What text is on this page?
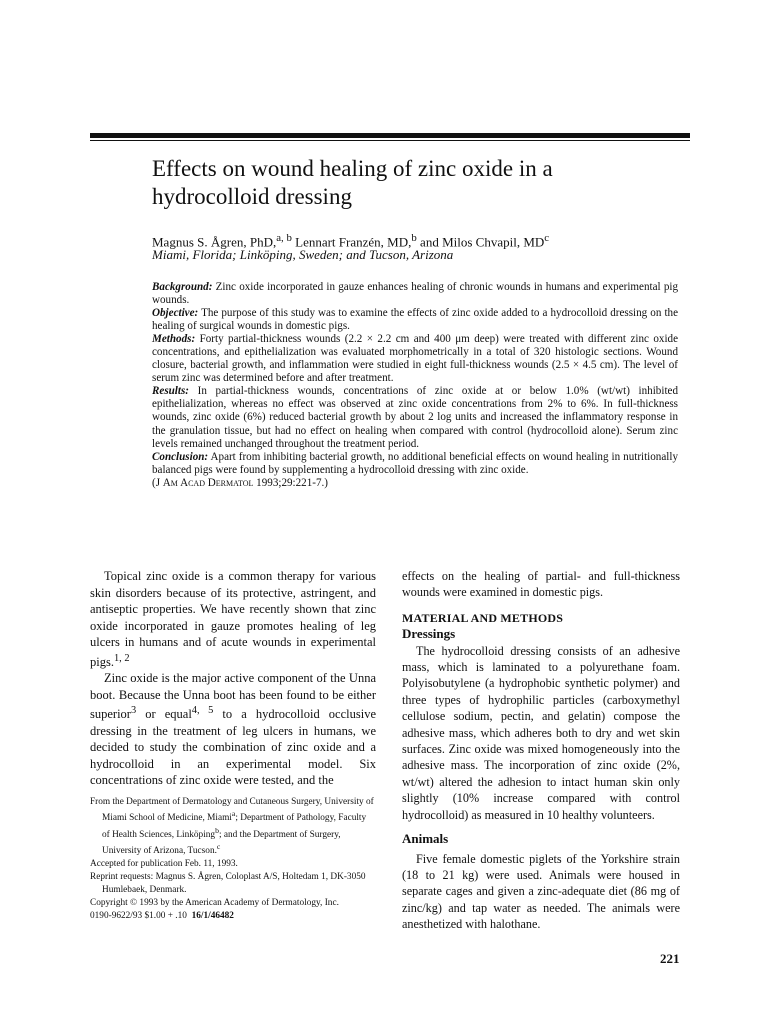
Effects on wound healing of zinc oxide in a hydrocolloid dressing
Magnus S. Ågren, PhD,$^{a, b}$ Lennart Franzén, MD,$^b$ and Milos Chvapil, $MD^c$
Miami, Florida; Linköping, Sweden; and Tucson, Arizona

Background: Zinc oxide incorporated in gauze enhances healing of chronic wounds in humans and experimental pig wounds.

Objective: The purpose of this study was to examine the effects of zinc oxide added to a hydrocolloid dressing on the healing of surgical wounds in domestic pigs.

Methods: Forty partial-thickness wounds (2.2 × 2.2 cm and 400 μm deep) were treated with different zinc oxide concentrations, and epithelialization was evaluated morphometrically in a total of 320 histologic sections. Wound closure, bacterial growth, and inflammation were studied in eight full-thickness wounds (2.5 × 4.5 cm). The level of serum zinc was determined before and after treatment.

Results: In partial-thickness wounds, concentrations of zinc oxide at or below 1.0% (wt/wt) inhibited epithelialization, whereas no effect was observed at zinc oxide concentrations from 2% to 6%. In full-thickness wounds, zinc oxide (6%) reduced bacterial growth by about 2 log units and increased the inflammatory response in the granulation tissue, but had no effect on healing when compared with control (hydrocolloid alone). Serum zinc levels remained unchanged throughout the treatment period.

Conclusion: Apart from inhibiting bacterial growth, no additional beneficial effects on wound healing in nutritionally balanced pigs were found by supplementing a hydrocolloid dressing with zinc oxide.

(J Am Acad Dermatol 1993;29:221-7.)

Topical zinc oxide is a common therapy for various skin disorders because of its protective, astringent, and antiseptic properties. We have recently shown that zinc oxide incorporated in gauze promotes healing of leg ulcers in humans and of acute wounds in experimental pigs.$^{1, 2}$

Zinc oxide is the major active component of the Unna boot. Because the Unna boot has been found to be either superior$^3$ or equal$^{4, 5}$ to a hydrocolloid occlusive dressing in the treatment of leg ulcers in humans, we decided to study the combination of zinc oxide and a hydrocolloid in an experimental model. Six concentrations of zinc oxide were tested, and the

From the Department of Dermatology and Cutaneous Surgery, University of Miami School of Medicine, Miami$^a$; Department of Pathology, Faculty of Health Sciences, Linköping$^b$; and the Department of Surgery, University of Arizona, Tucson.$^c$

Accepted for publication Feb. 11, 1993.

Reprint requests: Magnus S. Ågren, Coloplast A/S, Holtedam 1, DK-3050 Humlebaek, Denmark.

Copyright © 1993 by the American Academy of Dermatology, Inc.

0190-9622/93 $1.00 + .10 16/1/46482

effects on the healing of partial- and full-thickness wounds were examined in domestic pigs.

MATERIAL AND METHODS

Dressings

The hydrocolloid dressing consists of an adhesive mass, which is laminated to a polyurethane foam. Polyisobutylene (a hydrophobic synthetic polymer) and three types of hydrophilic particles (carboxymethyl cellulose sodium, pectin, and gelatin) compose the adhesive mass, which adheres both to dry and wet skin surfaces. Zinc oxide was mixed homogeneously into the adhesive mass. The incorporation of zinc oxide (2%, wt/wt) altered the adhesion to intact human skin only slightly (10% increase compared with control hydrocolloid) as measured in 10 healthy volunteers.

Animals

Five female domestic piglets of the Yorkshire strain (18 to 21 kg) were used. Animals were housed in separate cages and given a zinc-adequate diet (86 mg of zinc/kg) and tap water as needed. The animals were anesthetized with halothane.

221
